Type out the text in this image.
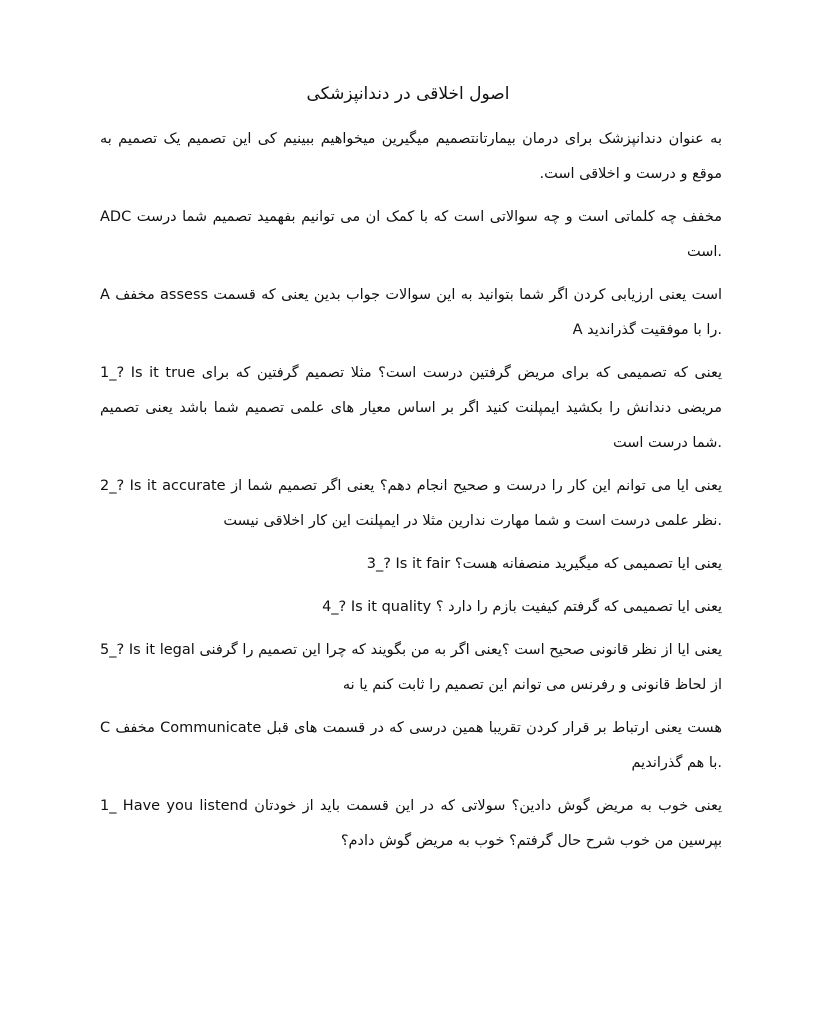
اصول اخلاقی در دندانپزشکی

به عنوان دندانپزشک برای درمان بیمارتانتصمیم میگیرین میخواهیم ببینیم کی این تصمیم یک تصمیم به موقع و درست و اخلاقی است.

ADC مخفف چه کلماتی است و چه سوالاتی است که با کمک ان می توانیم بفهمید تصمیم شما درست است.

A مخفف assess است یعنی ارزیابی کردن اگر شما بتوانید به این سوالات جواب بدین یعنی که قسمت A را با موفقیت گذراندید.

1_? Is it true یعنی که تصمیمی که برای مریض گرفتین درست است؟ مثلا تصمیم گرفتین که برای مریضی دندانش را بکشید ایمپلنت کنید اگر بر اساس معیار های علمی تصمیم شما باشد یعنی تصمیم شما درست است.

2_? Is it accurate یعنی ایا می توانم این کار را درست و صحیح انجام دهم؟ یعنی اگر تصمیم شما از نظر علمی درست است و شما مهارت ندارین مثلا در ایمپلنت این کار اخلاقی نیست.

3_? Is it fair یعنی ایا تصمیمی که میگیرید منصفانه هست؟

4_? Is it quality یعنی ایا تصمیمی که گرفتم کیفیت بازم را دارد ؟

5_? Is it legal یعنی ایا از نظر قانونی صحیح است ؟یعنی اگر به من بگویند که چرا این تصمیم را گرفنی از لحاظ قانونی و رفرنس می توانم این تصمیم را ثابت کنم یا نه

C مخفف Communicate هست یعنی ارتباط بر قرار کردن تقریبا همین درسی که در قسمت های قبل با هم گذراندیم.

1_ Have you listend یعنی خوب به مریض گوش دادین؟ سولاتی که در این قسمت باید از خودتان بپرسین من خوب شرح حال گرفتم؟ خوب به مریض گوش دادم؟
